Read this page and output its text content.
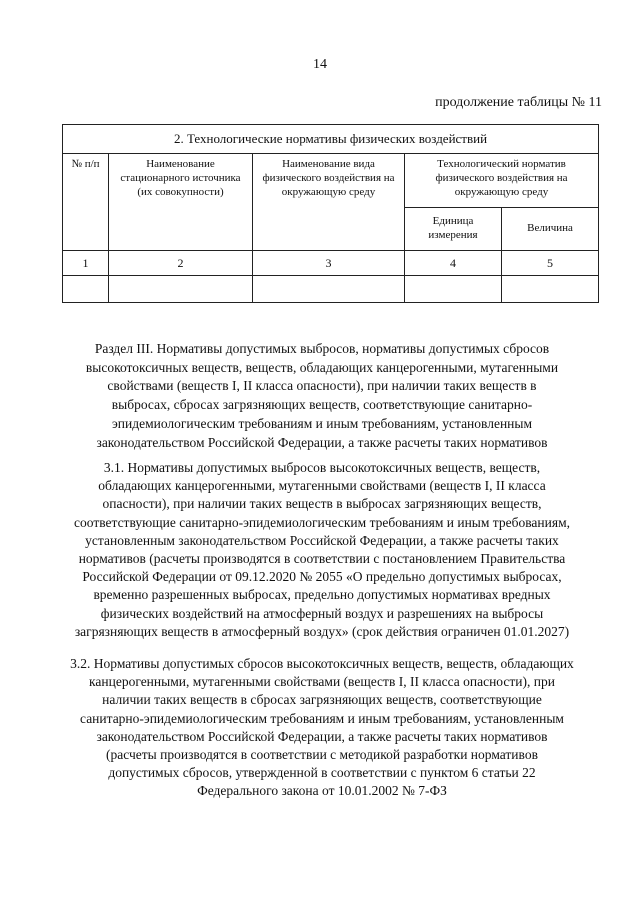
14
продолжение таблицы № 11
2. Технологические нормативы физических воздействий				
№ п/п	Наименование стационарного источника (их совокупности)	Наименование вида физического воздействия на окружающую среду	Технологический норматив физического воздействия на окружающую среду	
			Единица измерения	Величина
1	2	3	4	5

Раздел III. Нормативы допустимых выбросов, нормативы допустимых сбросов высокотоксичных веществ, веществ, обладающих канцерогенными, мутагенными свойствами (веществ I, II класса опасности), при наличии таких веществ в выбросах, сбросах загрязняющих веществ, соответствующие санитарно-эпидемиологическим требованиям и иным требованиям, установленным законодательством Российской Федерации, а также расчеты таких нормативов
3.1. Нормативы допустимых выбросов высокотоксичных веществ, веществ, обладающих канцерогенными, мутагенными свойствами (веществ I, II класса опасности), при наличии таких веществ в выбросах загрязняющих веществ, соответствующие санитарно-эпидемиологическим требованиям и иным требованиям, установленным законодательством Российской Федерации, а также расчеты таких нормативов (расчеты производятся в соответствии с постановлением Правительства Российской Федерации от 09.12.2020 № 2055 «О предельно допустимых выбросах, временно разрешенных выбросах, предельно допустимых нормативах вредных физических воздействий на атмосферный воздух и разрешениях на выбросы загрязняющих веществ в атмосферный воздух» (срок действия ограничен 01.01.2027)
3.2. Нормативы допустимых сбросов высокотоксичных веществ, веществ, обладающих канцерогенными, мутагенными свойствами (веществ I, II класса опасности), при наличии таких веществ в сбросах загрязняющих веществ, соответствующие санитарно-эпидемиологическим требованиям и иным требованиям, установленным законодательством Российской Федерации, а также расчеты таких нормативов (расчеты производятся в соответствии с методикой разработки нормативов допустимых сбросов, утвержденной в соответствии с пунктом 6 статьи 22 Федерального закона от 10.01.2002 № 7-ФЗ
